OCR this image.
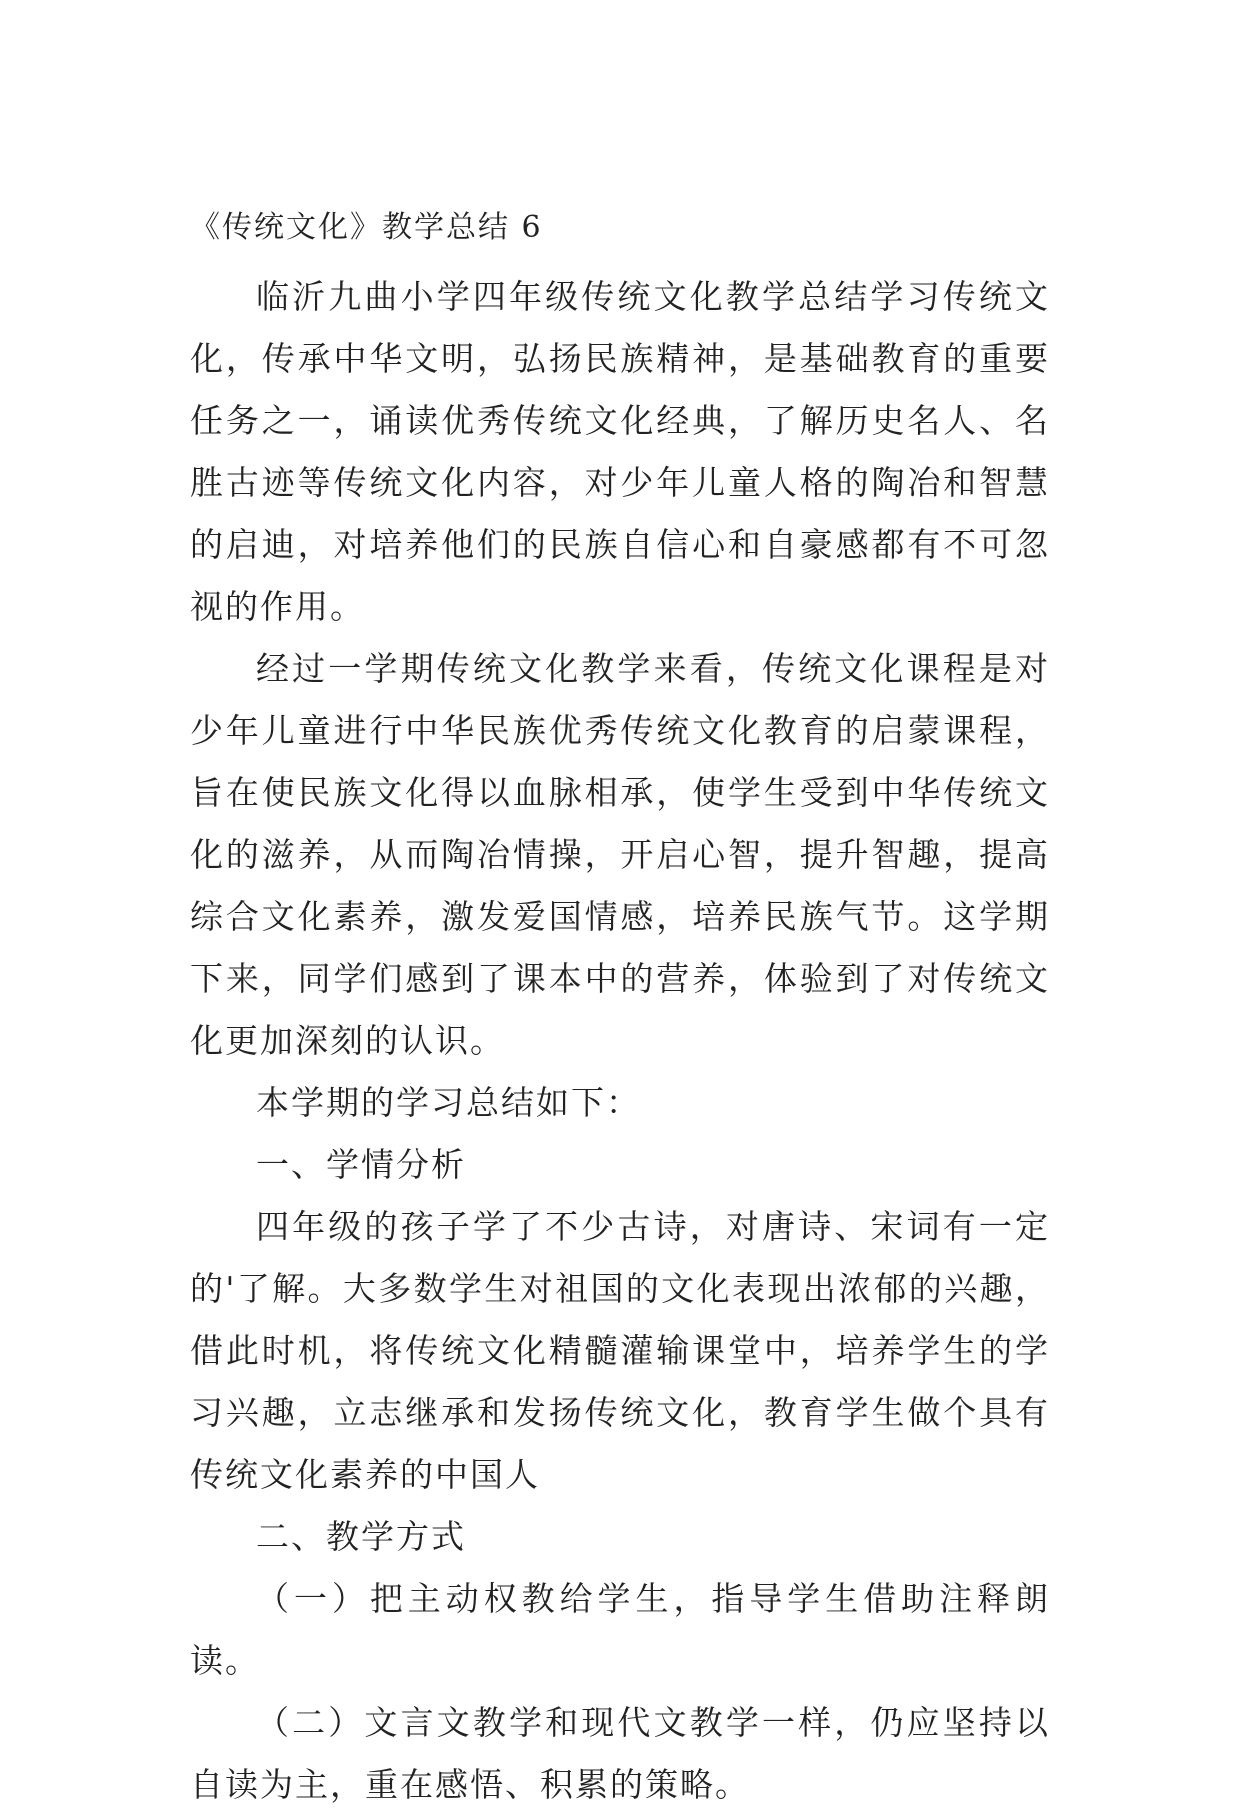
《传统文化》教学总结 6

临沂九曲小学四年级传统文化教学总结学习传统文化，传承中华文明，弘扬民族精神，是基础教育的重要任务之一，诵读优秀传统文化经典，了解历史名人、名胜古迹等传统文化内容，对少年儿童人格的陶冶和智慧的启迪，对培养他们的民族自信心和自豪感都有不可忽视的作用。

经过一学期传统文化教学来看，传统文化课程是对少年儿童进行中华民族优秀传统文化教育的启蒙课程，旨在使民族文化得以血脉相承，使学生受到中华传统文化的滋养，从而陶冶情操，开启心智，提升智趣，提高综合文化素养，激发爱国情感，培养民族气节。这学期下来，同学们感到了课本中的营养，体验到了对传统文化更加深刻的认识。

本学期的学习总结如下：

一、学情分析

四年级的孩子学了不少古诗，对唐诗、宋词有一定的'了解。大多数学生对祖国的文化表现出浓郁的兴趣，借此时机，将传统文化精髓灌输课堂中，培养学生的学习兴趣，立志继承和发扬传统文化，教育学生做个具有传统文化素养的中国人

二、教学方式

（一）把主动权教给学生，指导学生借助注释朗读。

（二）文言文教学和现代文教学一样，仍应坚持以自读为主，重在感悟、积累的策略。
